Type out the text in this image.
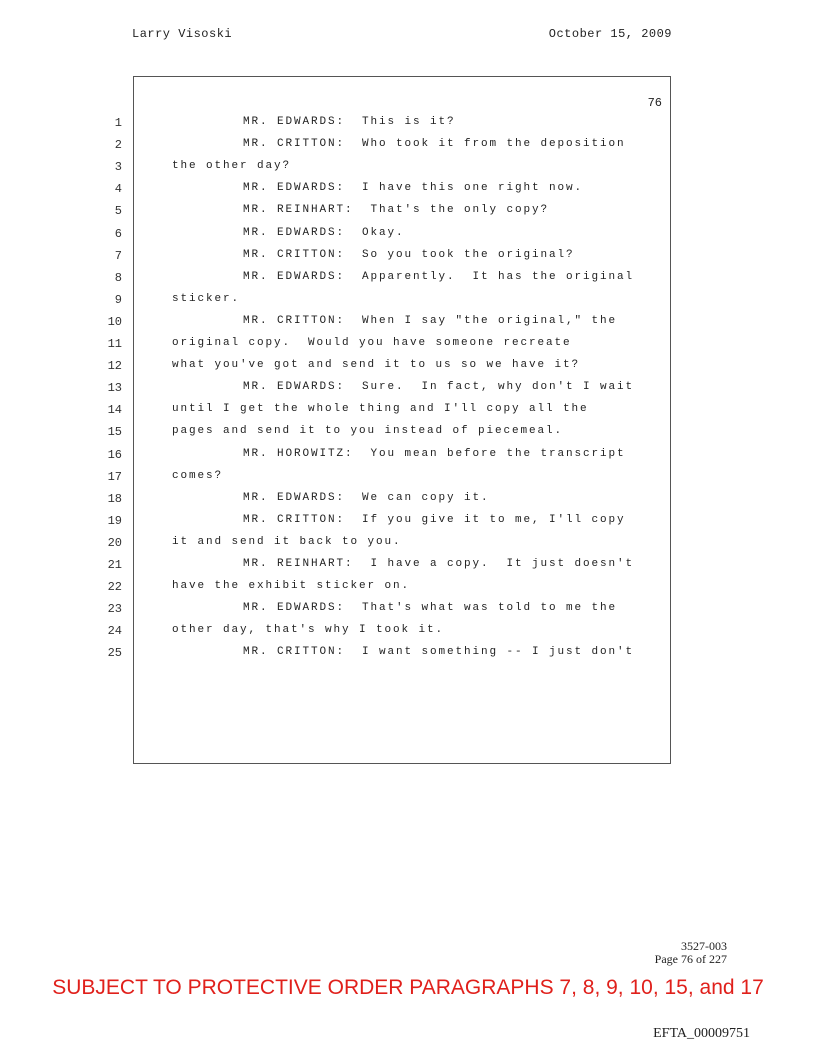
Larry Visoski	October 15, 2009
76
1	MR. EDWARDS:  This is it?
2	MR. CRITTON:  Who took it from the deposition
3	the other day?
4	MR. EDWARDS:  I have this one right now.
5	MR. REINHART:  That's the only copy?
6	MR. EDWARDS:  Okay.
7	MR. CRITTON:  So you took the original?
8	MR. EDWARDS:  Apparently.  It has the original
9	sticker.
10	MR. CRITTON:  When I say "the original," the
11	original copy.  Would you have someone recreate
12	what you've got and send it to us so we have it?
13	MR. EDWARDS:  Sure.  In fact, why don't I wait
14	until I get the whole thing and I'll copy all the
15	pages and send it to you instead of piecemeal.
16	MR. HOROWITZ:  You mean before the transcript
17	comes?
18	MR. EDWARDS:  We can copy it.
19	MR. CRITTON:  If you give it to me, I'll copy
20	it and send it back to you.
21	MR. REINHART:  I have a copy.  It just doesn't
22	have the exhibit sticker on.
23	MR. EDWARDS:  That's what was told to me the
24	other day, that's why I took it.
25	MR. CRITTON:  I want something -- I just don't
3527-003
Page 76 of 227
SUBJECT TO PROTECTIVE ORDER PARAGRAPHS 7, 8, 9, 10, 15, and 17
EFTA_00009751
